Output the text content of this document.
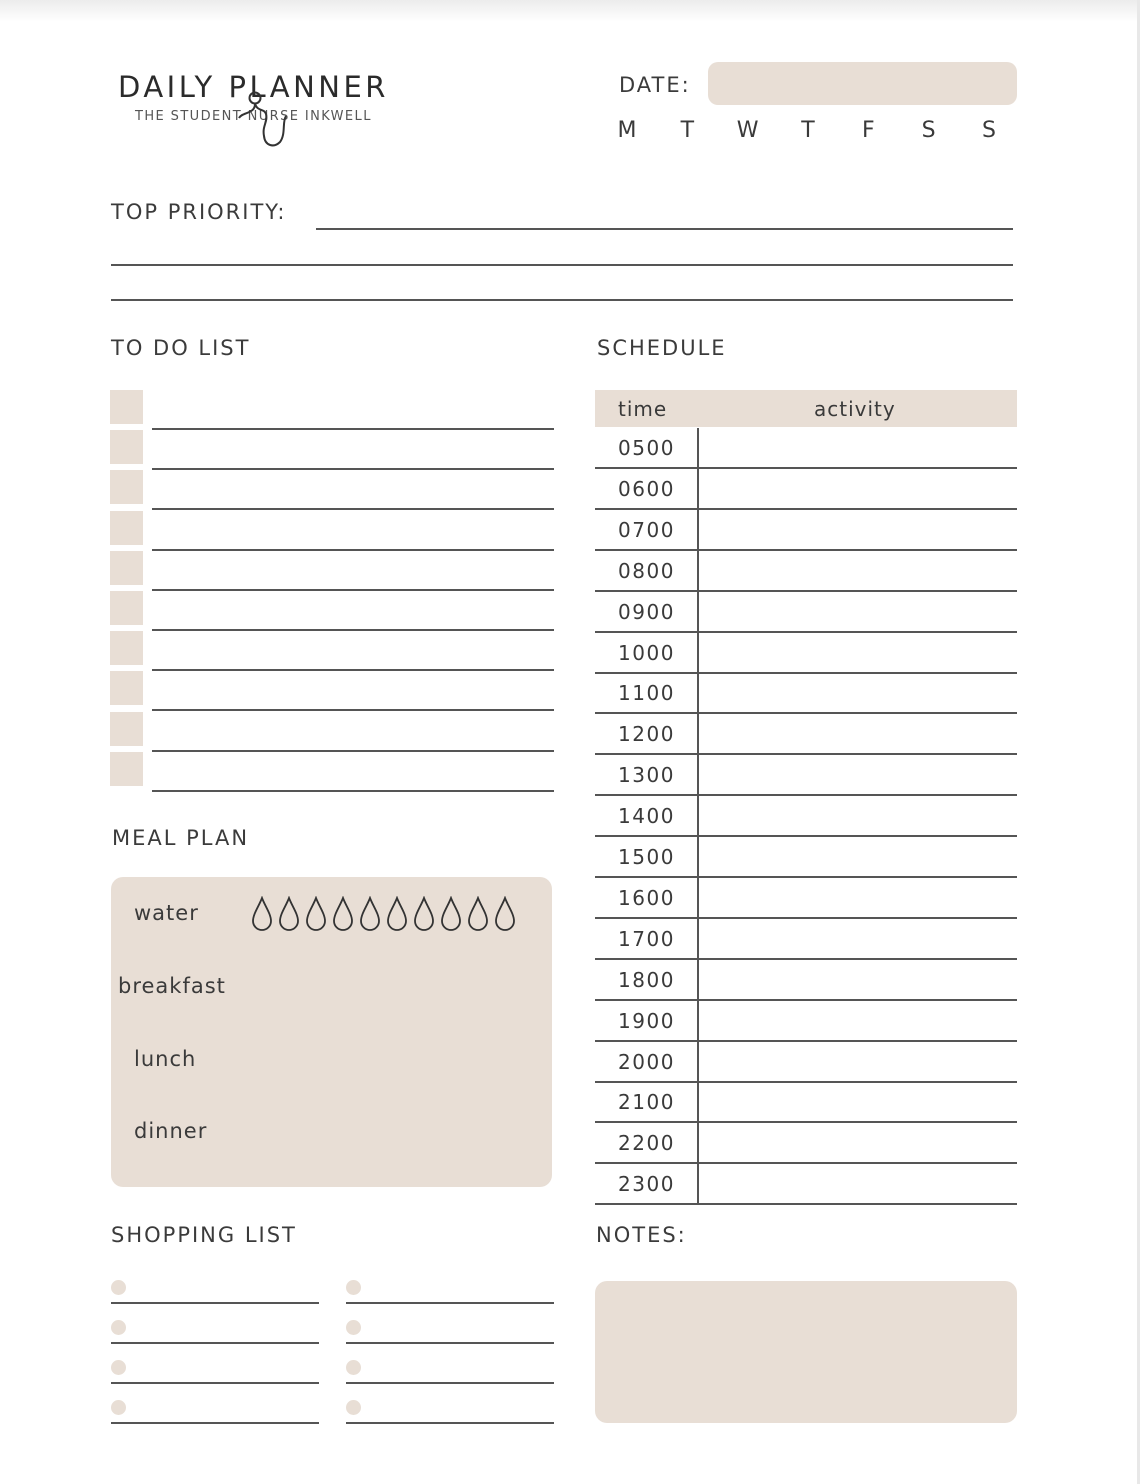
DAILY PLANNER
THE STUDENT NURSE INKWELL
DATE:
M	T	W	T	F	S	S
TOP PRIORITY:
TO DO LIST
MEAL PLAN
water
breakfast
lunch
dinner
SHOPPING LIST
SCHEDULE
time	activity
0500
0600
0700
0800
0900
1000
1100
1200
1300
1400
1500
1600
1700
1800
1900
2000
2100
2200
2300
NOTES:
